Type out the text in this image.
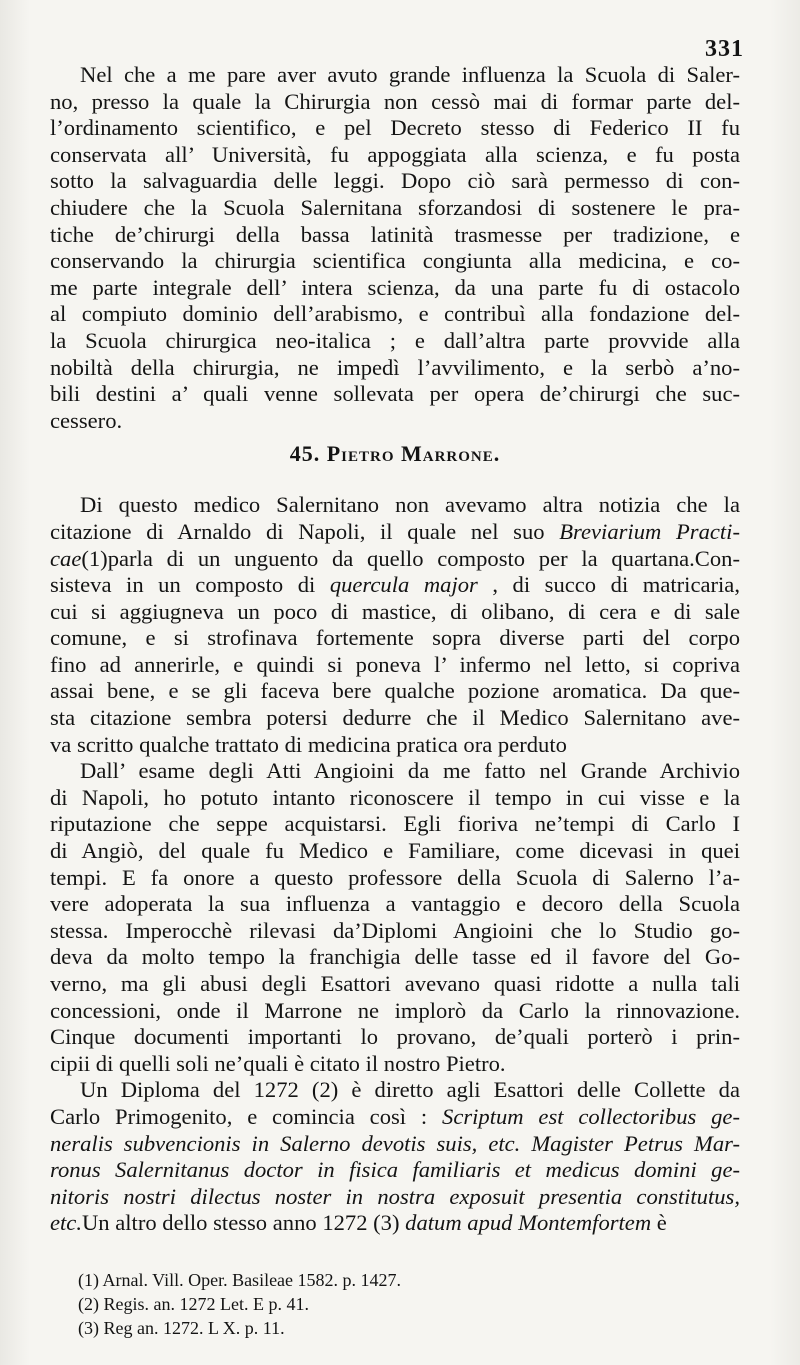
331
Nel che a me pare aver avuto grande influenza la Scuola di Saler-
no, presso la quale la Chirurgia non cessò mai di formar parte del-
l’ordinamento scientifico, e pel Decreto stesso di Federico II fu
conservata all’ Università, fu appoggiata alla scienza, e fu posta
sotto la salvaguardia delle leggi. Dopo ciò sarà permesso di con-
chiudere che la Scuola Salernitana sforzandosi di sostenere le pra-
tiche de’chirurgi della bassa latinità trasmesse per tradizione, e
conservando la chirurgia scientifica congiunta alla medicina, e co-
me parte integrale dell’ intera scienza, da una parte fu di ostacolo
al compiuto dominio dell’arabismo, e contribuì alla fondazione del-
la Scuola chirurgica neo-italica ; e dall’altra parte provvide alla
nobiltà della chirurgia, ne impedì l’avvilimento, e la serbò a’no-
bili destini a’ quali venne sollevata per opera de’chirurgi che suc-
cessero.
45. Pietro Marrone.
Di questo medico Salernitano non avevamo altra notizia che la
citazione di Arnaldo di Napoli, il quale nel suo Breviarium Practi-
cae(1)parla di un unguento da quello composto per la quartana.Con-
sisteva in un composto di quercula major , di succo di matricaria,
cui si aggiugneva un poco di mastice, di olibano, di cera e di sale
comune, e si strofinava fortemente sopra diverse parti del corpo
fino ad annerirle, e quindi si poneva l’ infermo nel letto, si copriva
assai bene, e se gli faceva bere qualche pozione aromatica. Da que-
sta citazione sembra potersi dedurre che il Medico Salernitano ave-
va scritto qualche trattato di medicina pratica ora perduto
Dall’ esame degli Atti Angioini da me fatto nel Grande Archivio
di Napoli, ho potuto intanto riconoscere il tempo in cui visse e la
riputazione che seppe acquistarsi. Egli fioriva ne’tempi di Carlo I
di Angiò, del quale fu Medico e Familiare, come dicevasi in quei
tempi. E fa onore a questo professore della Scuola di Salerno l’a-
vere adoperata la sua influenza a vantaggio e decoro della Scuola
stessa. Imperocchè rilevasi da’Diplomi Angioini che lo Studio go-
deva da molto tempo la franchigia delle tasse ed il favore del Go-
verno, ma gli abusi degli Esattori avevano quasi ridotte a nulla tali
concessioni, onde il Marrone ne implorò da Carlo la rinnovazione.
Cinque documenti importanti lo provano, de’quali porterò i prin-
cipii di quelli soli ne’quali è citato il nostro Pietro.
Un Diploma del 1272 (2) è diretto agli Esattori delle Collette da
Carlo Primogenito, e comincia così : Scriptum est collectoribus ge-
neralis subvencionis in Salerno devotis suis, etc. Magister Petrus Mar-
ronus Salernitanus doctor in fisica familiaris et medicus domini ge-
nitoris nostri dilectus noster in nostra exposuit presentia constitutus,
etc.Un altro dello stesso anno 1272 (3) datum apud Montemfortem è
(1) Arnal. Vill. Oper. Basileae 1582. p. 1427.
(2) Regis. an. 1272 Let. E p. 41.
(3) Reg an. 1272. L X. p. 11.
